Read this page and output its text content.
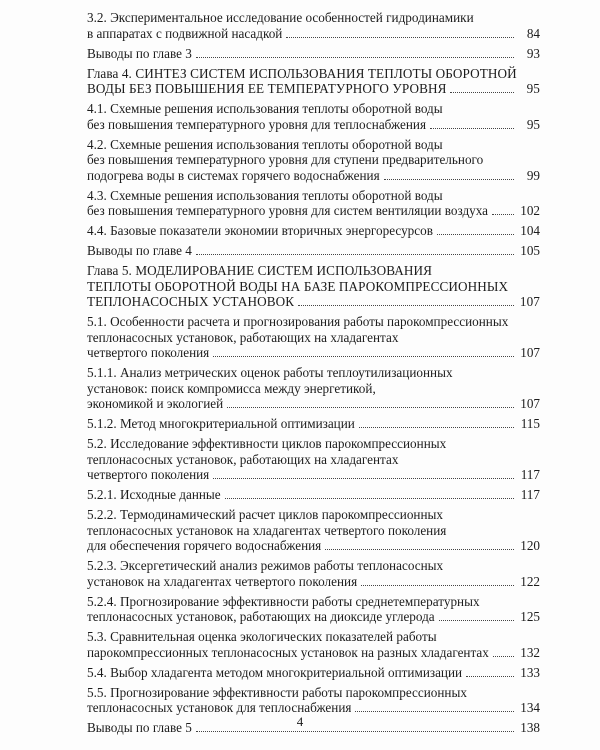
3.2. Экспериментальное исследование особенностей гидродинамики
в аппаратах с подвижной насадкой	84
Выводы по главе 3	93
Глава 4. СИНТЕЗ СИСТЕМ ИСПОЛЬЗОВАНИЯ ТЕПЛОТЫ ОБОРОТНОЙ
ВОДЫ БЕЗ ПОВЫШЕНИЯ ЕЕ ТЕМПЕРАТУРНОГО УРОВНЯ	95
4.1. Схемные решения использования теплоты оборотной воды
без повышения температурного уровня для теплоснабжения	95
4.2. Схемные решения использования теплоты оборотной воды
без повышения температурного уровня для ступени предварительного
подогрева воды в системах горячего водоснабжения	99
4.3. Схемные решения использования теплоты оборотной воды
без повышения температурного уровня для систем вентиляции воздуха 102
4.4. Базовые показатели экономии вторичных энергоресурсов	104
Выводы по главе 4	105
Глава 5. МОДЕЛИРОВАНИЕ СИСТЕМ ИСПОЛЬЗОВАНИЯ
ТЕПЛОТЫ ОБОРОТНОЙ ВОДЫ НА БАЗЕ ПАРОКОМПРЕССИОННЫХ
ТЕПЛОНАСОСНЫХ УСТАНОВОК	107
5.1. Особенности расчета и прогнозирования работы парокомпрессионных
теплонасосных установок, работающих на хладагентах
четвертого поколения	107
5.1.1. Анализ метрических оценок работы теплоутилизационных
установок: поиск компромисса между энергетикой,
экономикой и экологией	107
5.1.2. Метод многокритериальной оптимизации	115
5.2. Исследование эффективности циклов парокомпрессионных
теплонасосных установок, работающих на хладагентах
четвертого поколения	117
5.2.1. Исходные данные	117
5.2.2. Термодинамический расчет циклов парокомпрессионных
теплонасосных установок на хладагентах четвертого поколения
для обеспечения горячего водоснабжения	120
5.2.3. Эксергетический анализ режимов работы теплонасосных
установок на хладагентах четвертого поколения	122
5.2.4. Прогнозирование эффективности работы среднетемпературных
теплонасосных установок, работающих на диоксиде углерода	125
5.3. Сравнительная оценка экологических показателей работы
парокомпрессионных теплонасосных установок на разных хладагентах 132
5.4. Выбор хладагента методом многокритериальной оптимизации	133
5.5. Прогнозирование эффективности работы парокомпрессионных
теплонасосных установок для теплоснабжения	134
Выводы по главе 5	138
4
